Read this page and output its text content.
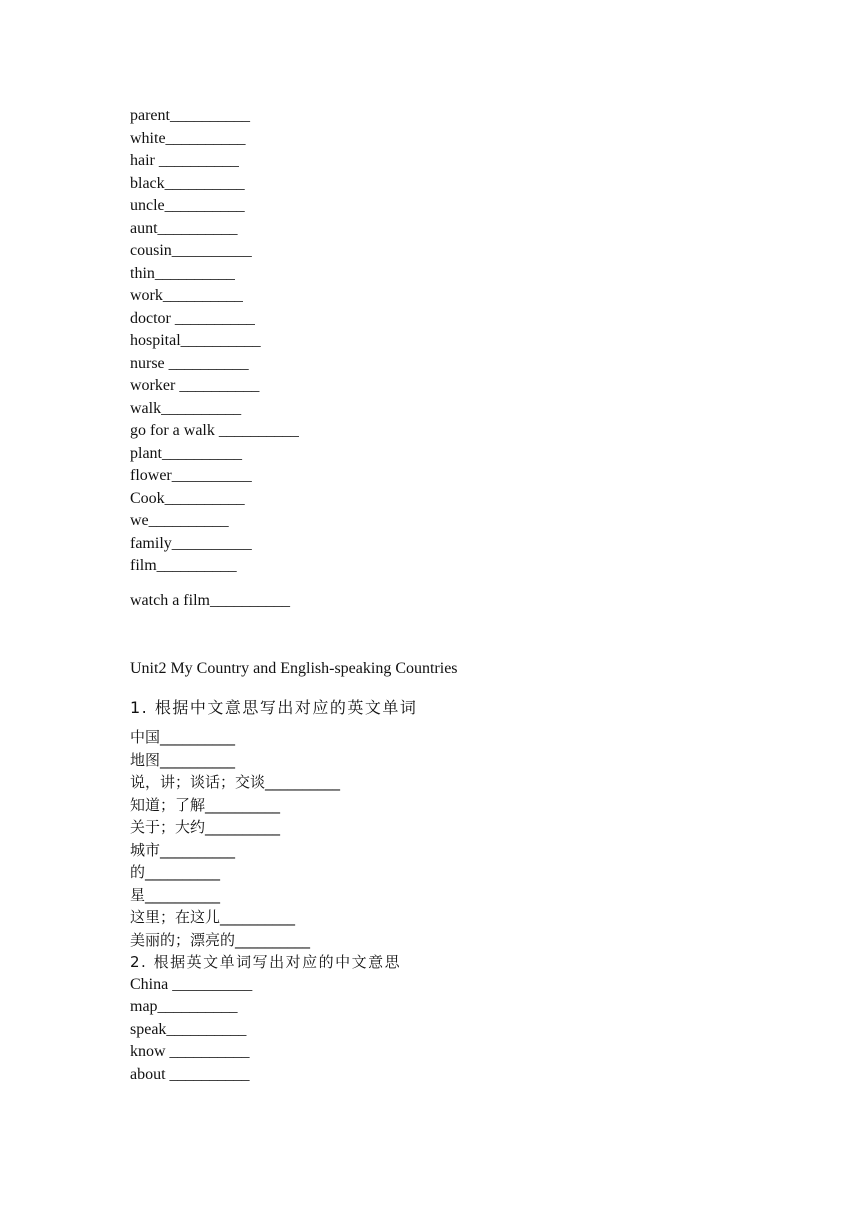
parent__________

white__________

hair __________

black__________

uncle__________

aunt__________

cousin__________

thin__________

work__________

doctor __________

hospital__________

nurse __________

worker __________

walk__________

go for a walk __________

plant__________

flower__________

Cook__________

we__________

family__________

film__________

watch a film__________

Unit2 My Country and English-speaking Countries

1. 根据中文意思写出对应的英文单词

中国__________

地图__________

说，讲；谈话；交谈__________

知道；了解__________

关于；大约__________

城市__________

的__________

星__________

这里；在这儿__________

美丽的；漂亮的__________

2. 根据英文单词写出对应的中文意思

China __________

map__________

speak__________

know __________

about __________
